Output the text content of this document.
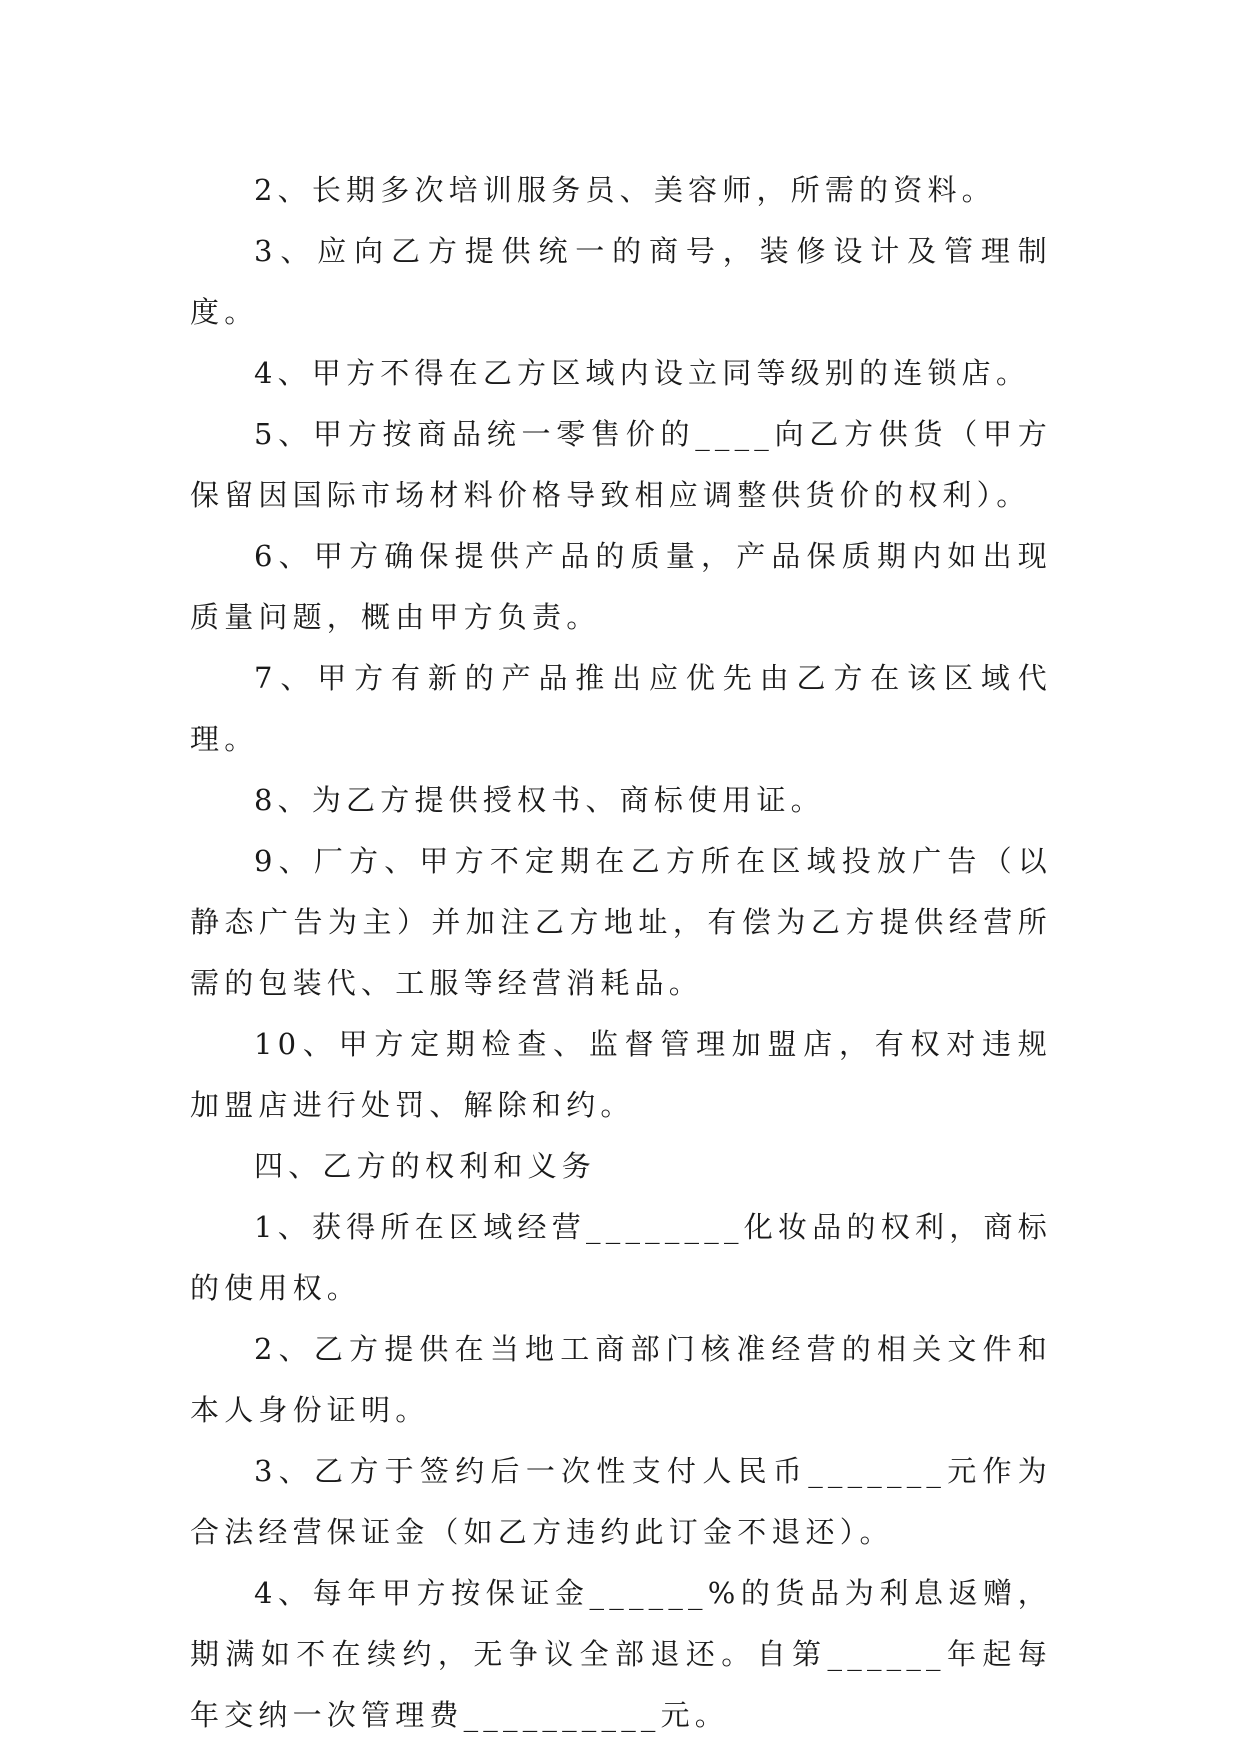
2、长期多次培训服务员、美容师，所需的资料。

3、应向乙方提供统一的商号，装修设计及管理制度。

4、甲方不得在乙方区域内设立同等级别的连锁店。

5、甲方按商品统一零售价的____向乙方供货（甲方保留因国际市场材料价格导致相应调整供货价的权利）。

6、甲方确保提供产品的质量，产品保质期内如出现质量问题，概由甲方负责。

7、甲方有新的产品推出应优先由乙方在该区域代理。

8、为乙方提供授权书、商标使用证。

9、厂方、甲方不定期在乙方所在区域投放广告（以静态广告为主）并加注乙方地址，有偿为乙方提供经营所需的包装代、工服等经营消耗品。

10、甲方定期检查、监督管理加盟店，有权对违规加盟店进行处罚、解除和约。

四、乙方的权利和义务

1、获得所在区域经营________化妆品的权利，商标的使用权。

2、乙方提供在当地工商部门核准经营的相关文件和本人身份证明。

3、乙方于签约后一次性支付人民币_______元作为合法经营保证金（如乙方违约此订金不退还）。

4、每年甲方按保证金______%的货品为利息返赠，期满如不在续约，无争议全部退还。自第______年起每年交纳一次管理费__________元。
